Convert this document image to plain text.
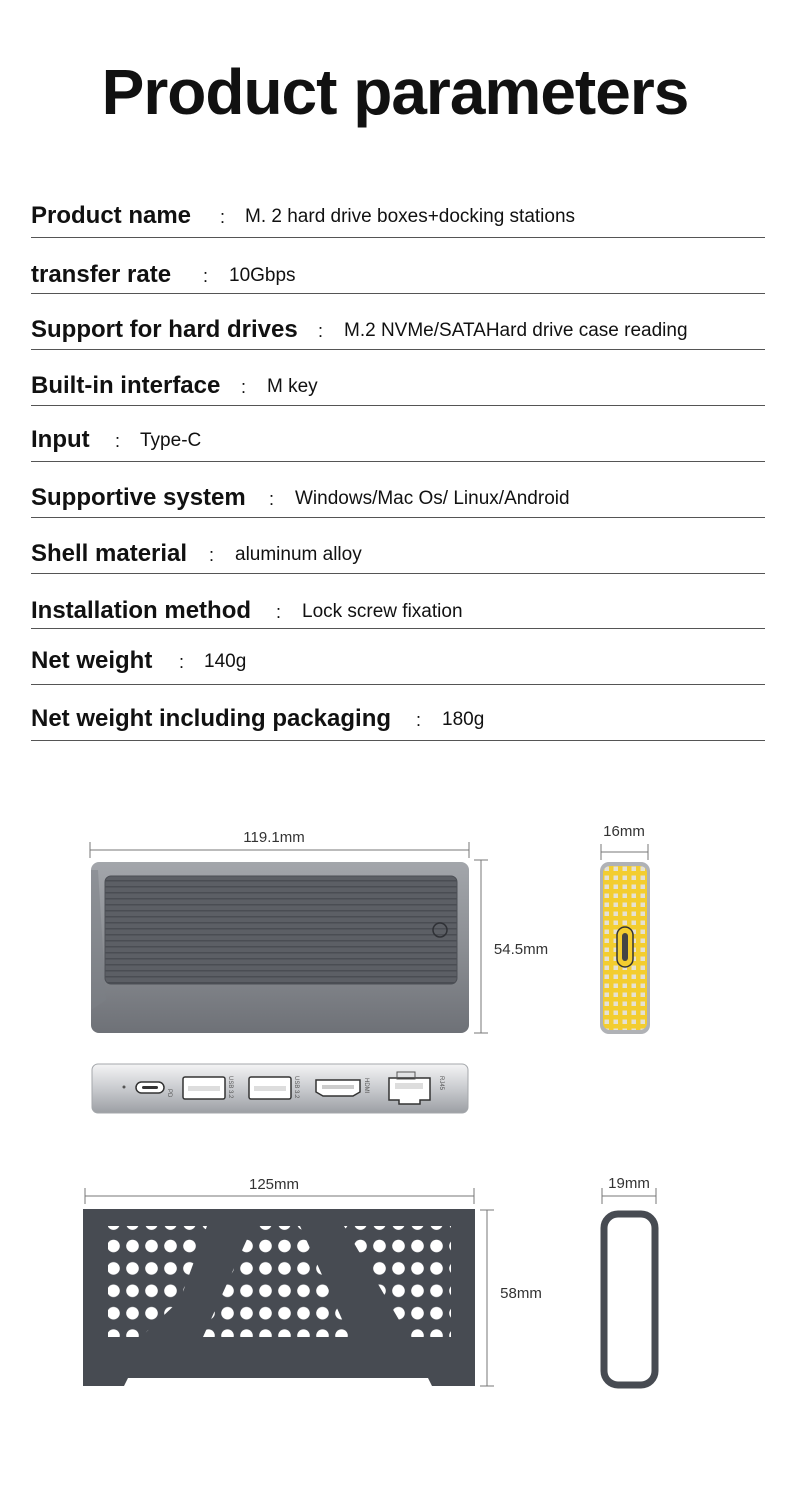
Product parameters
Product name : M. 2 hard drive boxes+docking stations
transfer rate : 10Gbps
Support for hard drives : M.2 NVMe/SATAHard drive case reading
Built-in interface : M key
Input : Type-C
Supportive system : Windows/Mac Os/ Linux/Android
Shell material : aluminum alloy
Installation method : Lock screw fixation
Net weight : 140g
Net weight including packaging : 180g
119.1mm
54.5mm
16mm
PD	USB 3.2	USB 3.2	HDMI	RJ45
125mm
58mm
19mm
